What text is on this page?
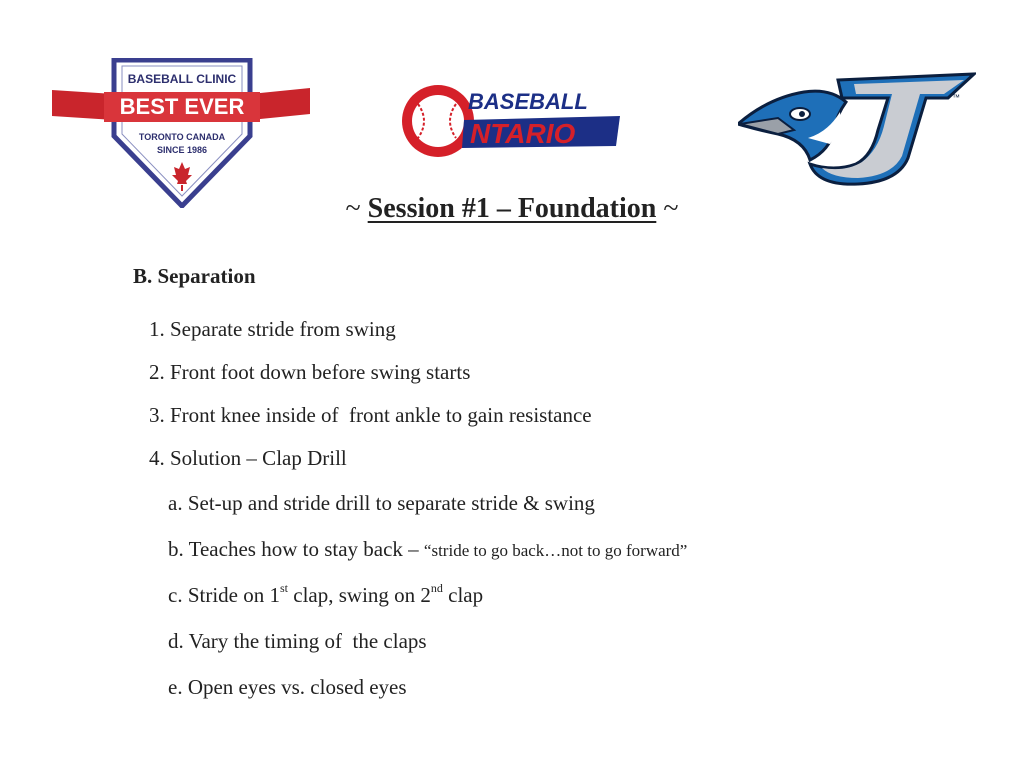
BASEBALL CLINIC
BEST EVER
TORONTO CANADA
SINCE 1986
BASEBALL
NTARIO
™
~ Session #1 – Foundation ~
B. Separation
1. Separate stride from swing
2. Front foot down before swing starts
3. Front knee inside of  front ankle to gain resistance
4. Solution – Clap Drill
a. Set-up and stride drill to separate stride & swing
b. Teaches how to stay back – “stride to go back…not to go forward”
c. Stride on 1st clap, swing on 2nd clap
d. Vary the timing of  the claps
e. Open eyes vs. closed eyes
